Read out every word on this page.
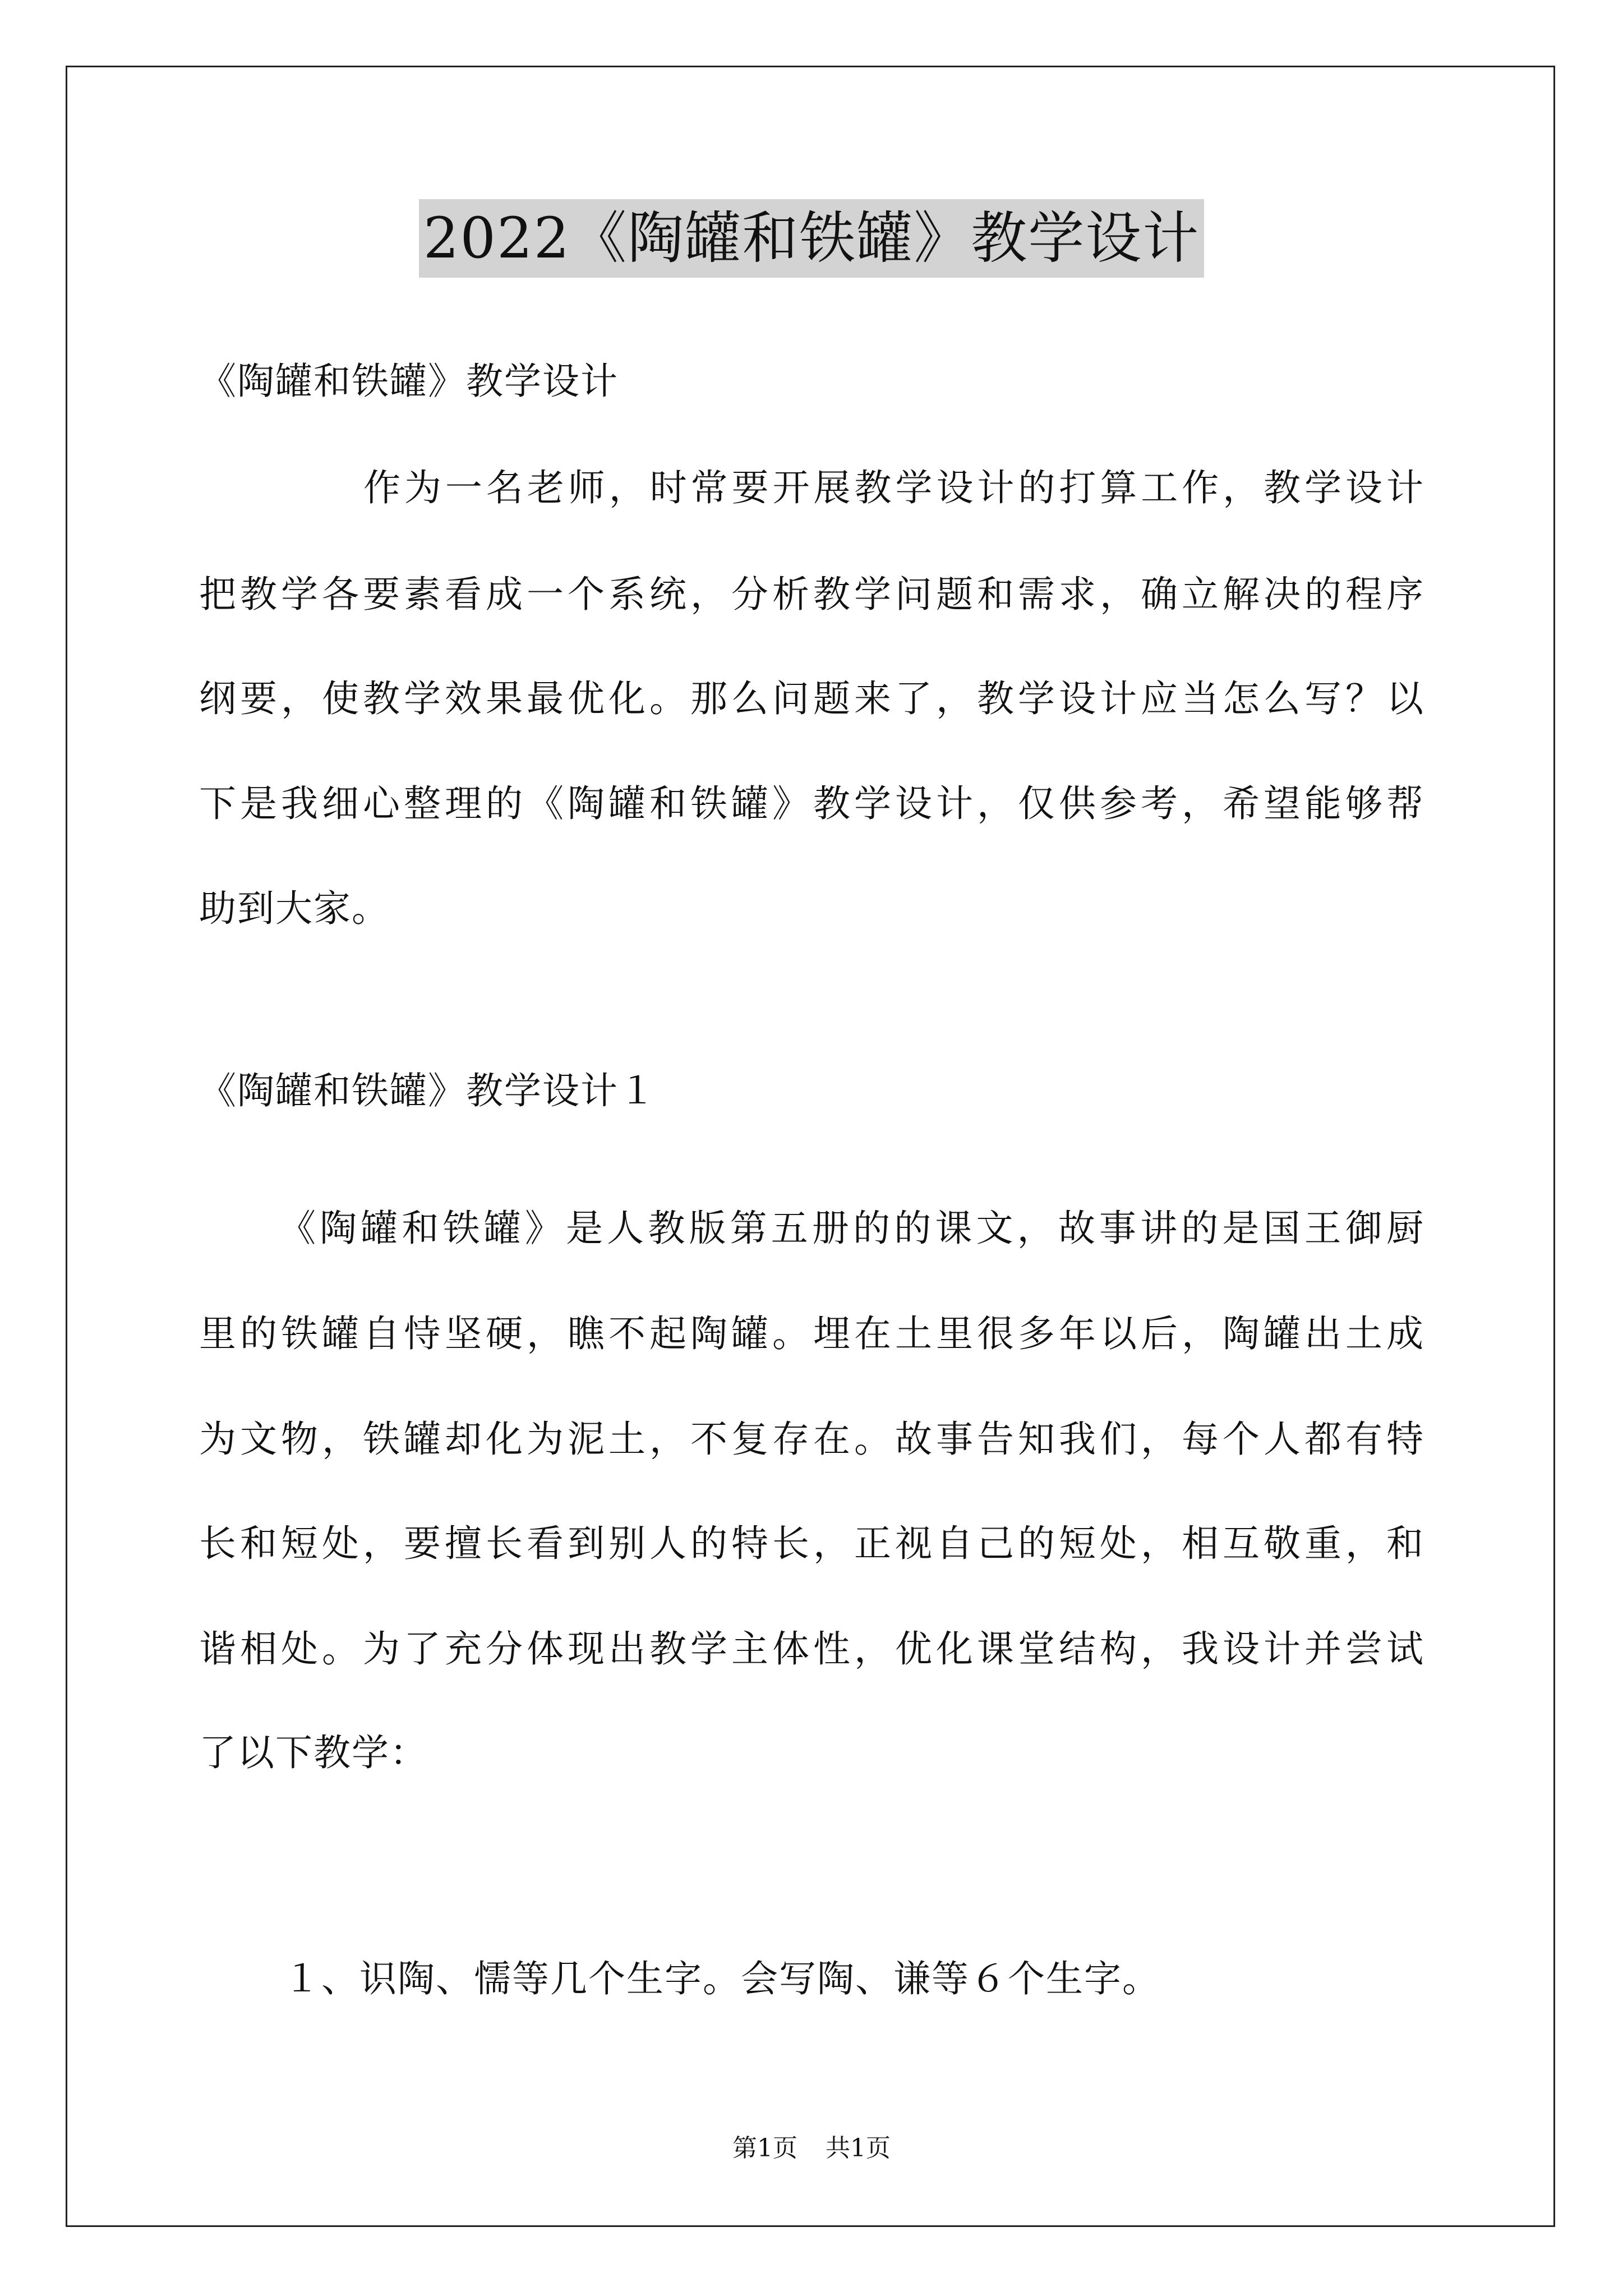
2022《陶罐和铁罐》教学设计
《陶罐和铁罐》教学设计
作为一名老师，时常要开展教学设计的打算工作，教学设计
把教学各要素看成一个系统，分析教学问题和需求，确立解决的程序
纲要，使教学效果最优化。那么问题来了，教学设计应当怎么写？以
下是我细心整理的《陶罐和铁罐》教学设计，仅供参考，希望能够帮
助到大家。
《陶罐和铁罐》教学设计１
《陶罐和铁罐》是人教版第五册的的课文，故事讲的是国王御厨
里的铁罐自恃坚硬，瞧不起陶罐。埋在土里很多年以后，陶罐出土成
为文物，铁罐却化为泥土，不复存在。故事告知我们，每个人都有特
长和短处，要擅长看到别人的特长，正视自己的短处，相互敬重，和
谐相处。为了充分体现出教学主体性，优化课堂结构，我设计并尝试
了以下教学：
１、识陶、懦等几个生字。会写陶、谦等６个生字。
第1页 共1页
